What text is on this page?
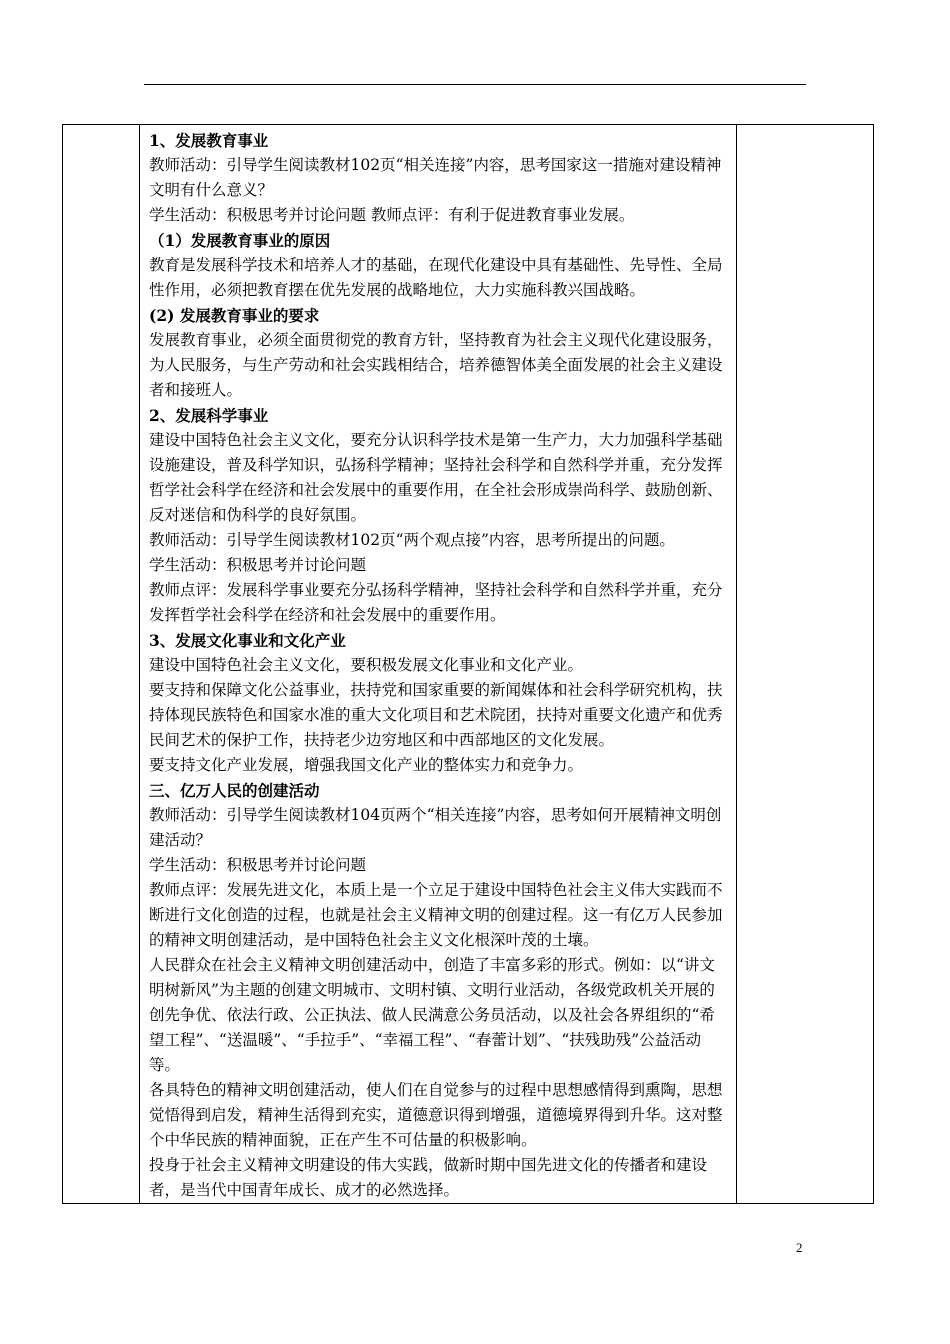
1、发展教育事业

教师活动：引导学生阅读教材102页“相关连接”内容，思考国家这一措施对建设精神文明有什么意义？

学生活动：积极思考并讨论问题 教师点评：有利于促进教育事业发展。

（1）发展教育事业的原因

教育是发展科学技术和培养人才的基础，在现代化建设中具有基础性、先导性、全局性作用，必须把教育摆在优先发展的战略地位，大力实施科教兴国战略。

(2) 发展教育事业的要求

发展教育事业，必须全面贯彻党的教育方针，坚持教育为社会主义现代化建设服务，为人民服务，与生产劳动和社会实践相结合，培养德智体美全面发展的社会主义建设者和接班人。

2、发展科学事业

建设中国特色社会主义文化，要充分认识科学技术是第一生产力，大力加强科学基础设施建设，普及科学知识，弘扬科学精神；坚持社会科学和自然科学并重，充分发挥哲学社会科学在经济和社会发展中的重要作用，在全社会形成崇尚科学、鼓励创新、反对迷信和伪科学的良好氛围。

教师活动：引导学生阅读教材102页“两个观点接”内容，思考所提出的问题。

学生活动：积极思考并讨论问题

教师点评：发展科学事业要充分弘扬科学精神，坚持社会科学和自然科学并重，充分发挥哲学社会科学在经济和社会发展中的重要作用。

3、发展文化事业和文化产业

建设中国特色社会主义文化，要积极发展文化事业和文化产业。

要支持和保障文化公益事业，扶持党和国家重要的新闻媒体和社会科学研究机构，扶持体现民族特色和国家水准的重大文化项目和艺术院团，扶持对重要文化遗产和优秀民间艺术的保护工作，扶持老少边穷地区和中西部地区的文化发展。

要支持文化产业发展，增强我国文化产业的整体实力和竞争力。

三、亿万人民的创建活动

教师活动：引导学生阅读教材104页两个“相关连接”内容，思考如何开展精神文明创建活动？

学生活动：积极思考并讨论问题

教师点评：发展先进文化，本质上是一个立足于建设中国特色社会主义伟大实践而不断进行文化创造的过程，也就是社会主义精神文明的创建过程。这一有亿万人民参加的精神文明创建活动，是中国特色社会主义文化根深叶茂的土壤。

人民群众在社会主义精神文明创建活动中，创造了丰富多彩的形式。例如：以“讲文明树新风”为主题的创建文明城市、文明村镇、文明行业活动，各级党政机关开展的创先争优、依法行政、公正执法、做人民满意公务员活动，以及社会各界组织的“希望工程”、“送温暖”、“手拉手”、“幸福工程”、“春蕾计划”、“扶残助残”公益活动等。

各具特色的精神文明创建活动，使人们在自觉参与的过程中思想感情得到熏陶，思想觉悟得到启发，精神生活得到充实，道德意识得到增强，道德境界得到升华。这对整个中华民族的精神面貌，正在产生不可估量的积极影响。

投身于社会主义精神文明建设的伟大实践，做新时期中国先进文化的传播者和建设者，是当代中国青年成长、成才的必然选择。

2
